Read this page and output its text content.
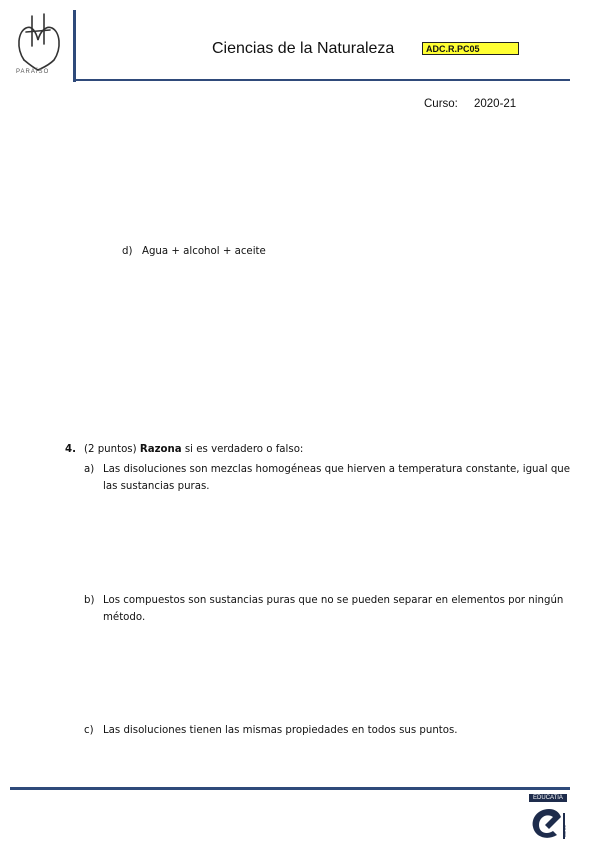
PARAÍSO
Ciencias de la Naturaleza	ADC.R.PC05
Curso: 2020-21
d) Agua + alcohol + aceite
4. (2 puntos) Razona si es verdadero o falso:
a) Las disoluciones son mezclas homogéneas que hierven a temperatura constante, igual que las sustancias puras.
b) Los compuestos son sustancias puras que no se pueden separar en elementos por ningún método.
c) Las disoluciones tienen las mismas propiedades en todos sus puntos.
ISO 9001
EDUCATIA
